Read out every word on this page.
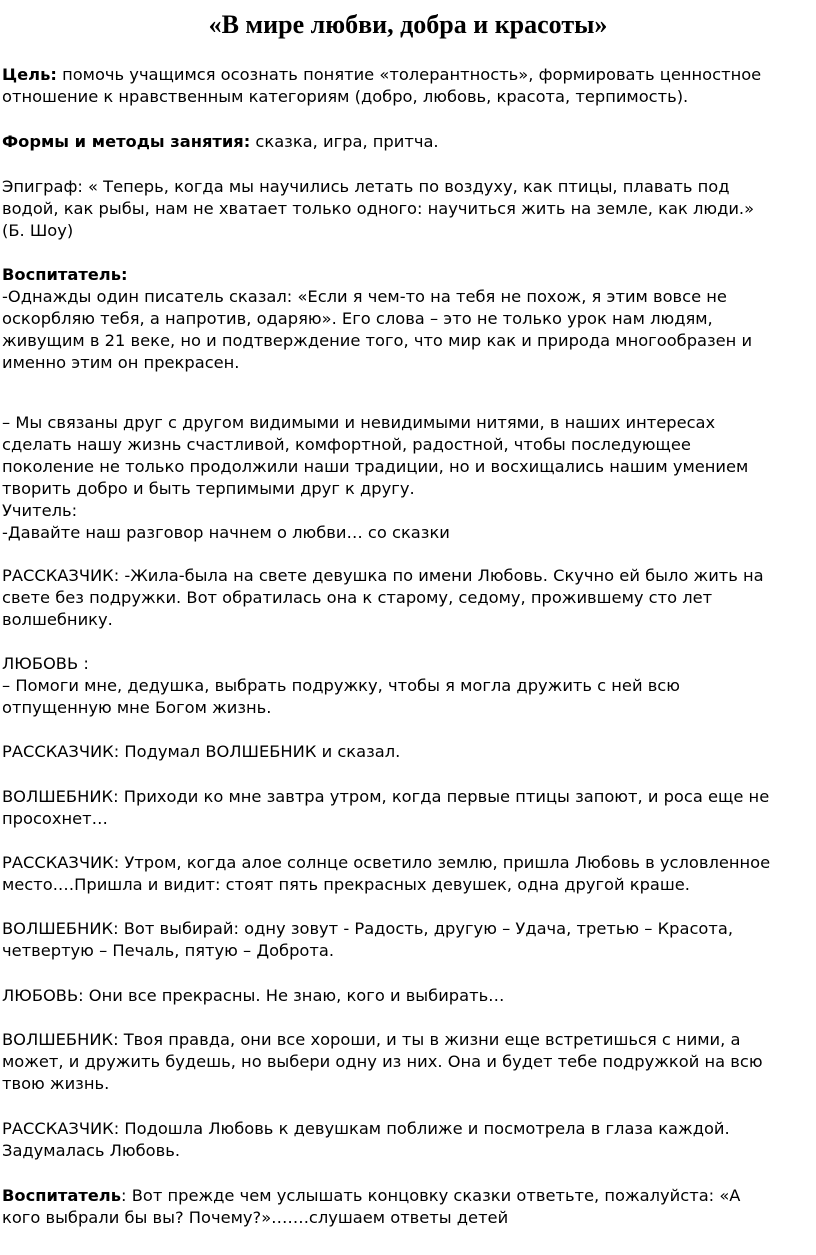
«В мире любви, добра и красоты»

Цель: помочь учащимся осознать понятие «толерантность», формировать ценностное
отношение к нравственным категориям (добро, любовь, красота, терпимость).

Формы и методы занятия: сказка, игра, притча.

Эпиграф: « Теперь, когда мы научились летать по воздуху, как птицы, плавать под
водой, как рыбы, нам не хватает только одного: научиться жить на земле, как люди.»
(Б. Шоу)

Воспитатель:
-Однажды один писатель сказал: «Если я чем-то на тебя не похож, я этим вовсе не
оскорбляю тебя, а напротив, одаряю». Его слова – это не только урок нам людям,
живущим в 21 веке, но и подтверждение того, что мир как и природа многообразен и
именно этим он прекрасен.

– Мы связаны друг с другом видимыми и невидимыми нитями, в наших интересах
сделать нашу жизнь счастливой, комфортной, радостной, чтобы последующее
поколение не только продолжили наши традиции, но и восхищались нашим умением
творить добро и быть терпимыми друг к другу.
Учитель:
-Давайте наш разговор начнем о любви… со сказки

РАССКАЗЧИК: -Жила-была на свете девушка по имени Любовь. Скучно ей было жить на
свете без подружки. Вот обратилась она к старому, седому, прожившему сто лет
волшебнику.

ЛЮБОВЬ :
– Помоги мне, дедушка, выбрать подружку, чтобы я могла дружить с ней всю
отпущенную мне Богом жизнь.

РАССКАЗЧИК: Подумал ВОЛШЕБНИК и сказал.

ВОЛШЕБНИК: Приходи ко мне завтра утром, когда первые птицы запоют, и роса еще не
просохнет…

РАССКАЗЧИК: Утром, когда алое солнце осветило землю, пришла Любовь в условленное
место.…Пришла и видит: стоят пять прекрасных девушек, одна другой краше.

ВОЛШЕБНИК: Вот выбирай: одну зовут - Радость, другую – Удача, третью – Красота,
четвертую – Печаль, пятую – Доброта.

ЛЮБОВЬ: Они все прекрасны. Не знаю, кого и выбирать…

ВОЛШЕБНИК: Твоя правда, они все хороши, и ты в жизни еще встретишься с ними, а
может, и дружить будешь, но выбери одну из них. Она и будет тебе подружкой на всю
твою жизнь.

РАССКАЗЧИК: Подошла Любовь к девушкам поближе и посмотрела в глаза каждой.
Задумалась Любовь.

Воспитатель: Вот прежде чем услышать концовку сказки ответьте, пожалуйста: «А
кого выбрали бы вы? Почему?»…….слушаем ответы детей
